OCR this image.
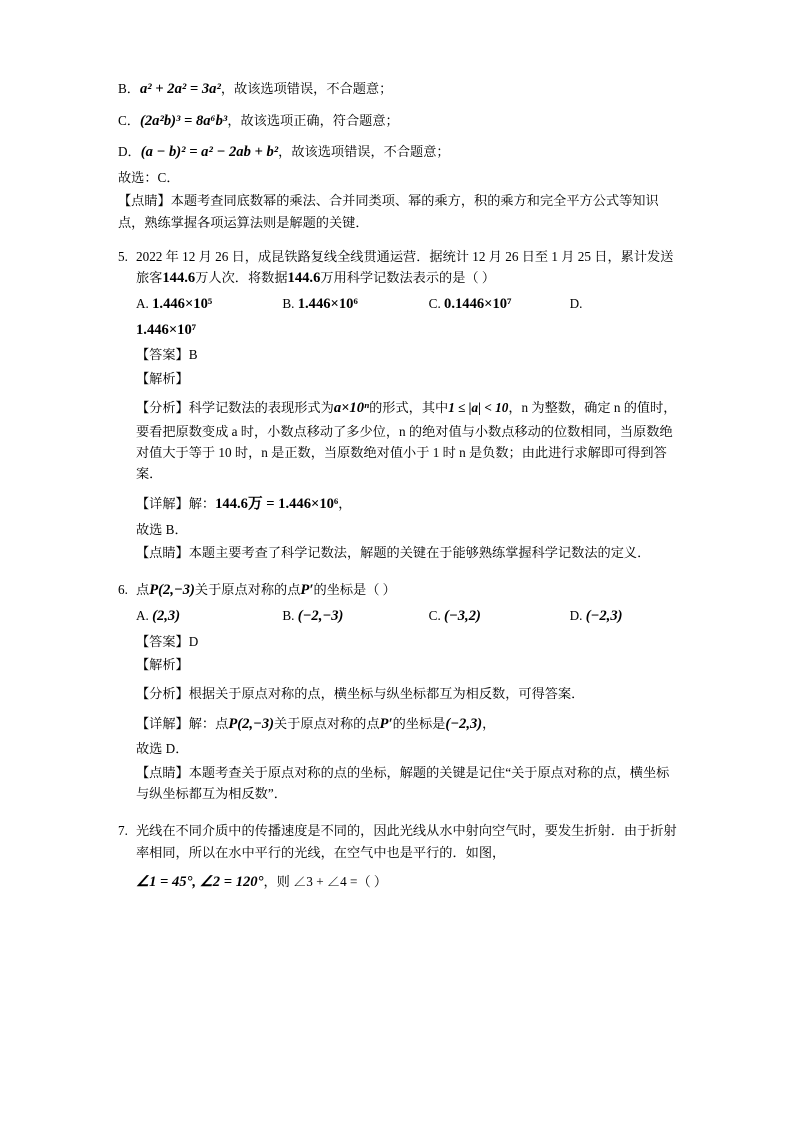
B．a² + 2a² = 3a²，故该选项错误，不合题意；
C．(2a²b)³ = 8a⁶b³，故该选项正确，符合题意；
D．(a − b)² = a² − 2ab + b²，故该选项错误，不合题意；
故选：C．
【点睛】本题考查同底数幂的乘法、合并同类项、幂的乘方，积的乘方和完全平方公式等知识点，熟练掌握各项运算法则是解题的关键．
5. 2022 年 12 月 26 日，成昆铁路复线全线贯通运营．据统计 12 月 26 日至 1 月 25 日，累计发送旅客144.6万人次．将数据144.6万用科学记数法表示的是（ ）
A. 1.446×10⁵	B. 1.446×10⁶	C. 0.1446×10⁷	D.
1.446×10⁷
【答案】B
【解析】
【分析】科学记数法的表现形式为a×10ⁿ的形式，其中1 ≤ |a| < 10，n 为整数，确定 n 的值时，要看把原数变成 a 时，小数点移动了多少位，n 的绝对值与小数点移动的位数相同，当原数绝对值大于等于 10 时，n 是正数，当原数绝对值小于 1 时 n 是负数；由此进行求解即可得到答案．
【详解】解：144.6万 = 1.446×10⁶，
故选 B．
【点睛】本题主要考查了科学记数法，解题的关键在于能够熟练掌握科学记数法的定义．
6. 点P(2,−3)关于原点对称的点P′的坐标是（ ）
A. (2,3)	B. (−2,−3)	C. (−3,2)	D. (−2,3)
【答案】D
【解析】
【分析】根据关于原点对称的点，横坐标与纵坐标都互为相反数，可得答案．
【详解】解：点P(2,−3)关于原点对称的点P′的坐标是(−2,3)，
故选 D．
【点睛】本题考查关于原点对称的点的坐标，解题的关键是记住“关于原点对称的点，横坐标与纵坐标都互为相反数”．
7. 光线在不同介质中的传播速度是不同的，因此光线从水中射向空气时，要发生折射．由于折射率相同，所以在水中平行的光线，在空气中也是平行的．如图，
∠1 = 45°, ∠2 = 120°，则 ∠3 + ∠4 =（ ）
